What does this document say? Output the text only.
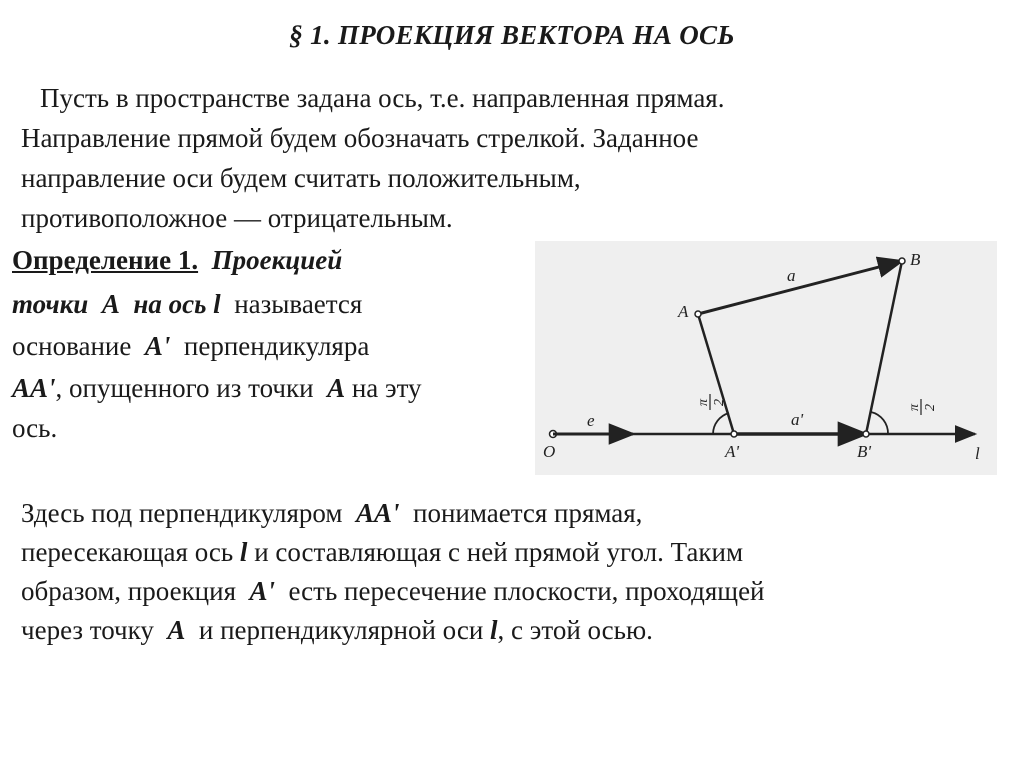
§ 1. ПРОЕКЦИЯ ВЕКТОРА НА ОСЬ
Пусть в пространстве задана ось, т.е. направленная прямая.
Направление прямой будем обозначать стрелкой. Заданное
направление оси будем считать положительным,
противоположное — отрицательным.
Определение 1. Проекцией
точки A на ось l называется
основание A' перпендикуляра
AA', опущенного из точки A на эту
ось.
A
B
O	A'	B'	l
a
a'
e
π 2
π 2
Здесь под перпендикуляром AA' понимается прямая,
пересекающая ось l и составляющая с ней прямой угол. Таким
образом, проекция A' есть пересечение плоскости, проходящей
через точку A и перпендикулярной оси l, с этой осью.
